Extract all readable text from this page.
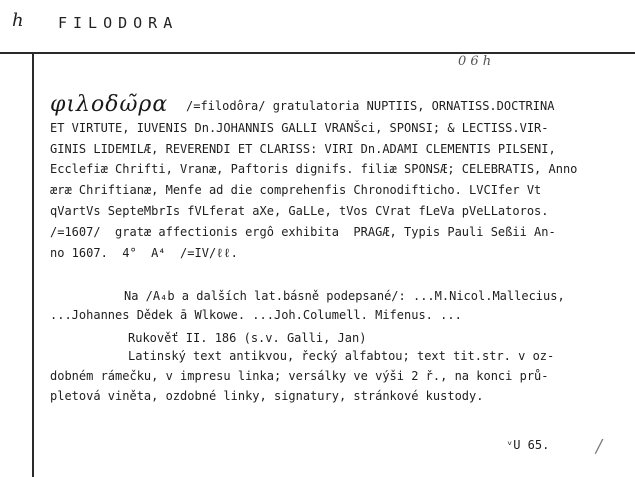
h FILODORA
0 6 h
φιλοδω̃ρα /=filodôra/ gratulatoria NUPTIIS, ORNATISS.DOCTRINA
ET VIRTUTE, IUVENIS Dn.JOHANNIS GALLI VRANŠci, SPONSI; & LECTISS.VIR-
GINIS LIDEMILÆ, REVERENDI ET CLARISS: VIRI Dn.ADAMI CLEMENTIS PILSENI,
Ecclefiæ Chrifti, Vranæ, Paftoris dignifs. filiæ SPONSÆ; CELEBRATIS, Anno
æræ Chriftianæ, Menfe ad die comprehenfis Chronodifticho. LVCIfer Vt
qVartVs SepteMbrIs fVLferat aXe, GaLLe, tVos CVrat fLeVa pVeLLatoros.
/=1607/  gratæ affectionis ergô exhibita  PRAGÆ, Typis Pauli Seßii An-
no 1607.  4°  A⁴  /=IV/ℓℓ.
Na /A₄b a dalších lat.básně podepsané/: ...M.Nicol.Mallecius,
...Johannes Dědek ā Wlkowe. ...Joh.Columell. Mifenus. ...
Rukověť II. 186 (s.v. Galli, Jan)
Latinský text antikvou, řecký alfabtou; text tit.str. v oz-
dobném rámečku, v impresu linka; versálky ve výši 2 ř., na konci prů-
pletová viněta, ozdobné linky, signatury, stránkové kustody.
ᵛU 65.	/
